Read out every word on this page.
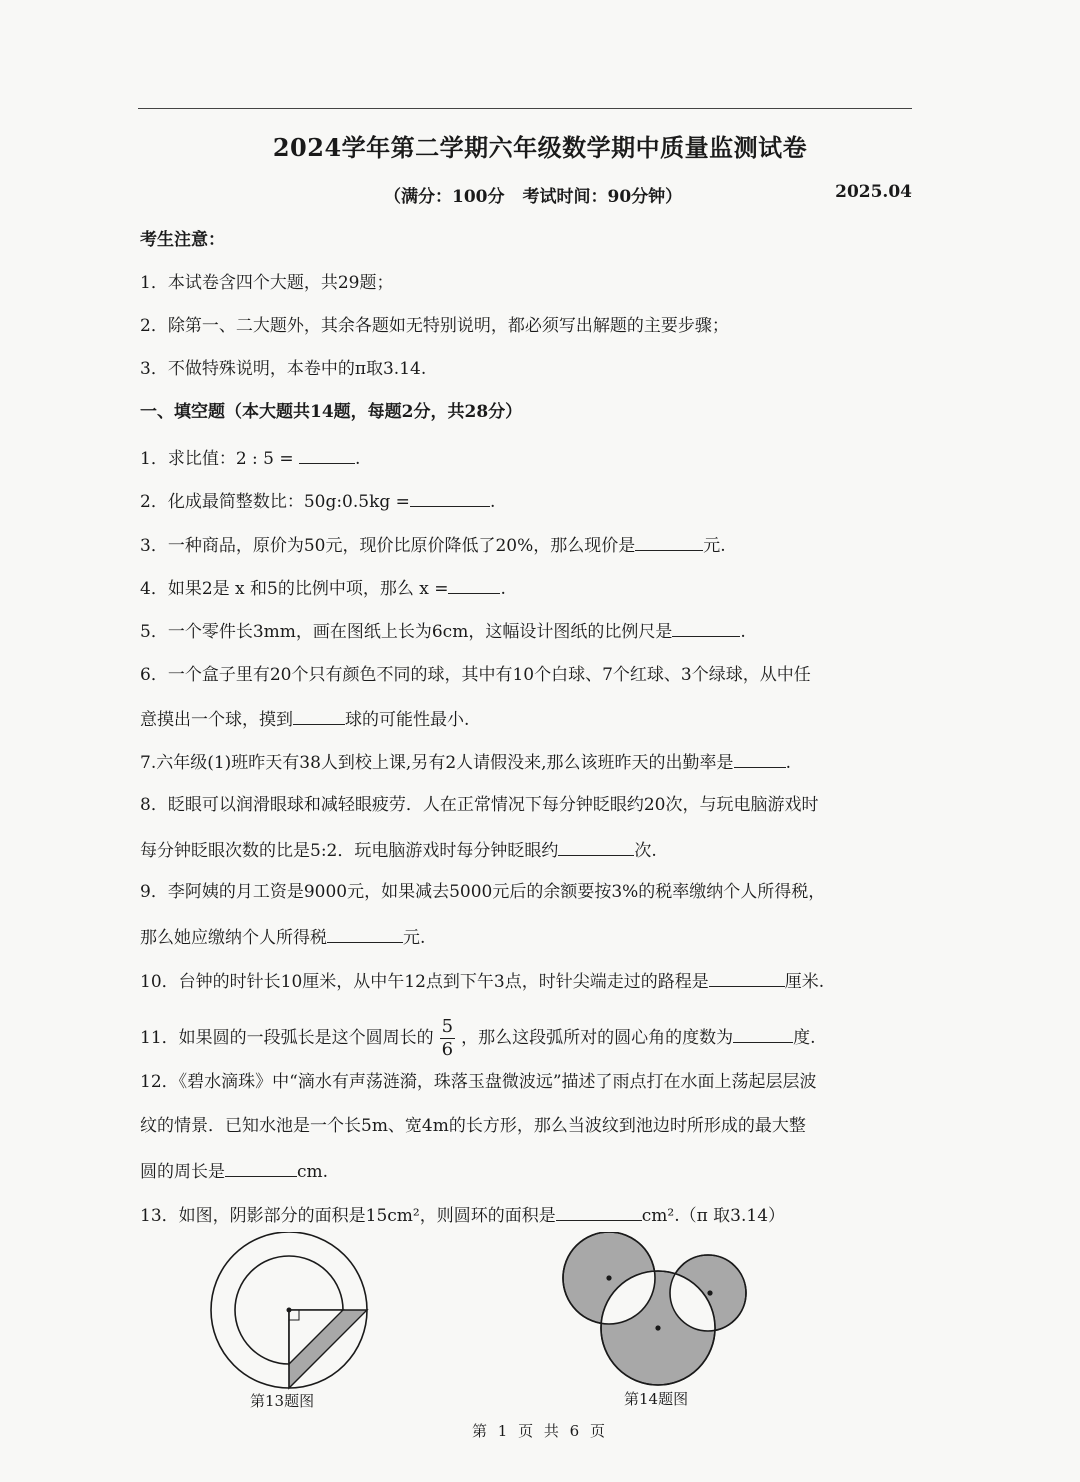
2024学年第二学期六年级数学期中质量监测试卷
（满分：100分 考试时间：90分钟）	2025.04
考生注意：
1．本试卷含四个大题，共29题；
2．除第一、二大题外，其余各题如无特别说明，都必须写出解题的主要步骤；
3．不做特殊说明，本卷中的π取3.14.
一、填空题（本大题共14题，每题2分，共28分）
1．求比值：2 : 5 =	.
2．化成最简整数比：50g:0.5kg =	.
3．一种商品，原价为50元，现价比原价降低了20%，那么现价是	元.
4．如果2是 x 和5的比例中项，那么 x =	.
5．一个零件长3mm，画在图纸上长为6cm，这幅设计图纸的比例尺是	.
6．一个盒子里有20个只有颜色不同的球，其中有10个白球、7个红球、3个绿球，从中任
意摸出一个球，摸到	球的可能性最小.
7.六年级(1)班昨天有38人到校上课,另有2人请假没来,那么该班昨天的出勤率是	.
8．眨眼可以润滑眼球和减轻眼疲劳．人在正常情况下每分钟眨眼约20次，与玩电脑游戏时
每分钟眨眼次数的比是5:2．玩电脑游戏时每分钟眨眼约	次.
9．李阿姨的月工资是9000元，如果减去5000元后的余额要按3%的税率缴纳个人所得税，
那么她应缴纳个人所得税	元.
10．台钟的时针长10厘米，从中午12点到下午3点，时针尖端走过的路程是	厘米.
11．如果圆的一段弧长是这个圆周长的 $\frac{5}{6}$ ，那么这段弧所对的圆心角的度数为	度.
12．《碧水滴珠》中“滴水有声荡涟漪，珠落玉盘微波远”描述了雨点打在水面上荡起层层波
纹的情景．已知水池是一个长5m、宽4m的长方形，那么当波纹到池边时所形成的最大整
圆的周长是	cm.
13．如图，阴影部分的面积是15cm²，则圆环的面积是	cm².（π 取3.14）
第13题图	第14题图
第 1 页 共 6 页
